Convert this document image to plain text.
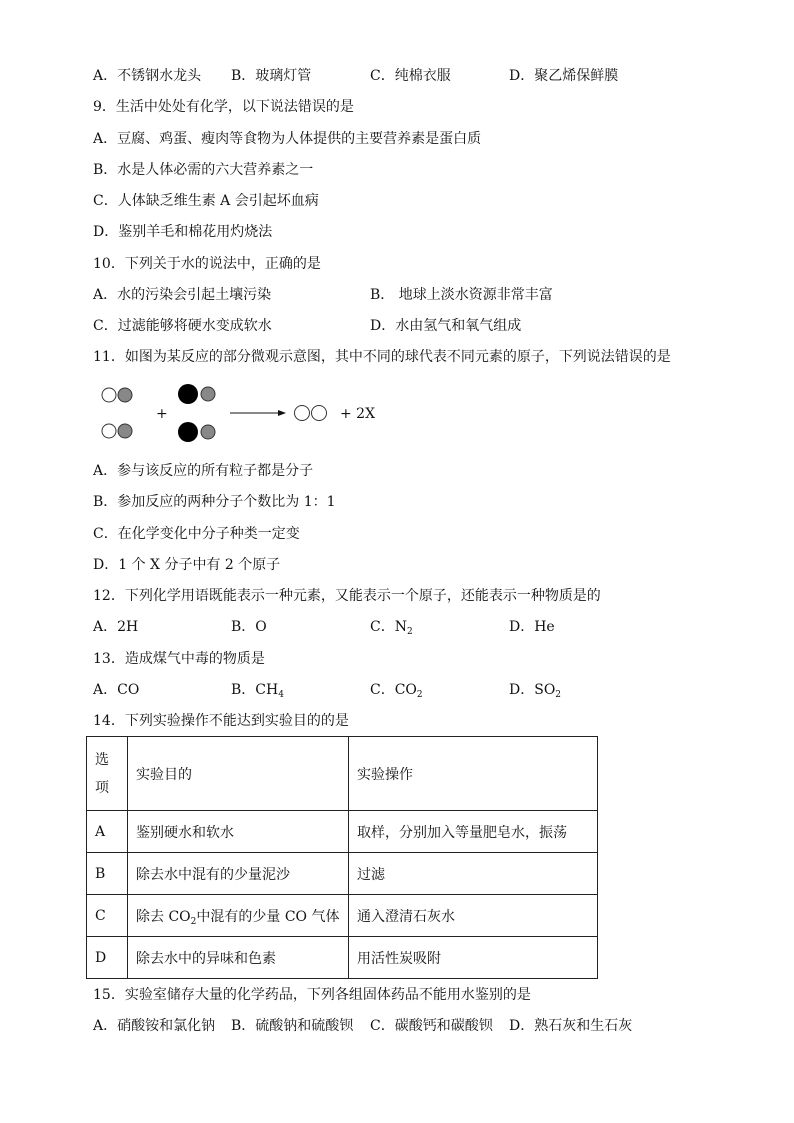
A．不锈钢水龙头 B．玻璃灯管	C．纯棉衣服	D．聚乙烯保鲜膜
9．生活中处处有化学，以下说法错误的是
A．豆腐、鸡蛋、瘦肉等食物为人体提供的主要营养素是蛋白质
B．水是人体必需的六大营养素之一
C．人体缺乏维生素 A 会引起坏血病
D．鉴别羊毛和棉花用灼烧法
10．下列关于水的说法中，正确的是
A．水的污染会引起土壤污染	B． 地球上淡水资源非常丰富
C．过滤能够将硬水变成软水	D．水由氢气和氧气组成
11．如图为某反应的部分微观示意图，其中不同的球代表不同元素的原子，下列说法错误的是
+	+ 2X
A．参与该反应的所有粒子都是分子
B．参加反应的两种分子个数比为 1：1
C．在化学变化中分子种类一定变
D．1 个 X 分子中有 2 个原子
12．下列化学用语既能表示一种元素，又能表示一个原子，还能表示一种物质是的
A．2H	B．O	C．$N_2$	D．He
13．造成煤气中毒的物质是
A．CO	B．$CH_4$	C．$CO_2$	D．$SO_2$
14．下列实验操作不能达到实验目的的是
选
项	实验目的	实验操作
A	鉴别硬水和软水	取样，分别加入等量肥皂水，振荡
B	除去水中混有的少量泥沙	过滤
C	除去 $CO_2$中混有的少量 CO 气体	通入澄清石灰水
D	除去水中的异味和色素	用活性炭吸附
15．实验室储存大量的化学药品，下列各组固体药品不能用水鉴别的是
A．硝酸铵和氯化钠 B．硫酸钠和硫酸钡 C．碳酸钙和碳酸钡 D．熟石灰和生石灰
